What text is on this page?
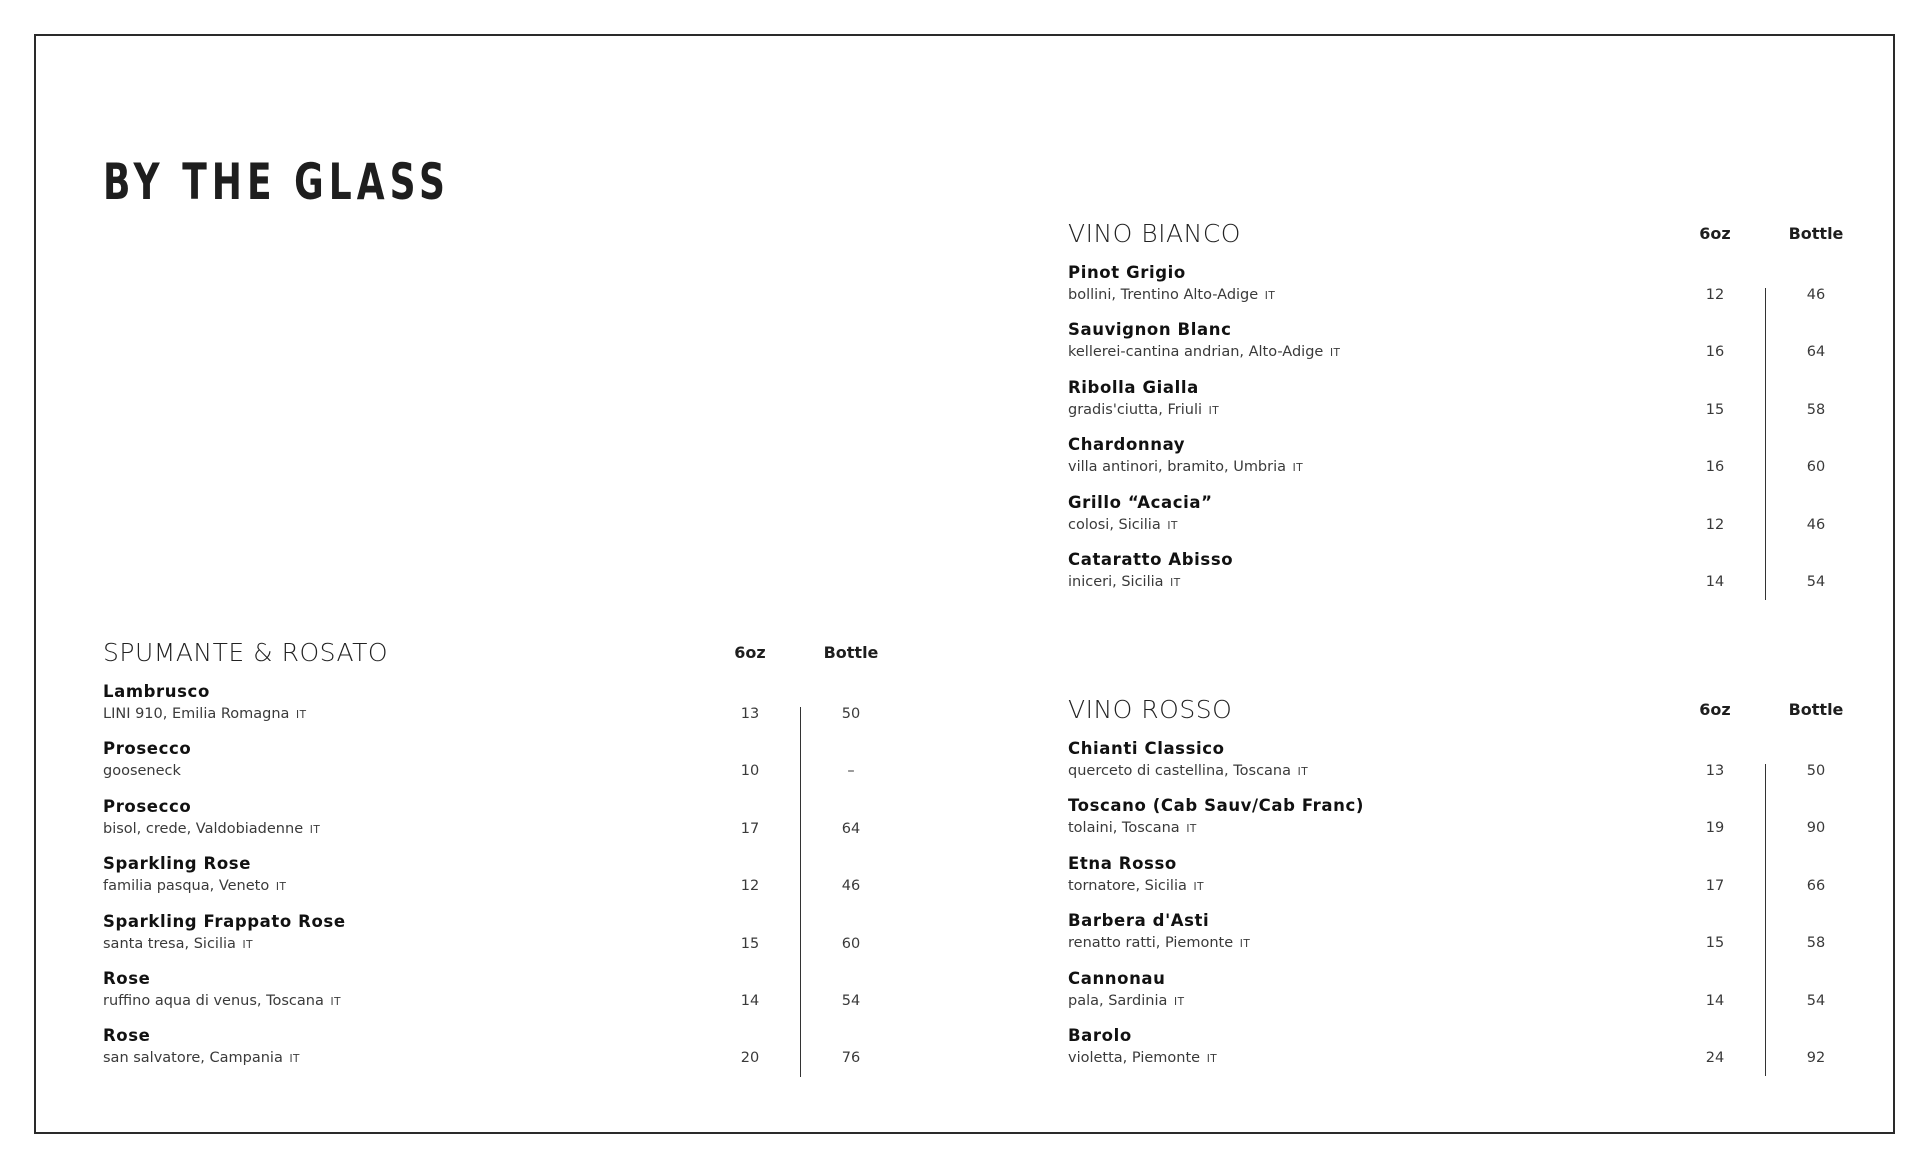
BY THE GLASS
SPUMANTE & ROSATO	6oz	Bottle
Lambrusco
LINI 910, Emilia Romagna IT	13	50
Prosecco
gooseneck	10	–
Prosecco
bisol, crede, Valdobiadenne IT	17	64
Sparkling Rose
familia pasqua, Veneto IT	12	46
Sparkling Frappato Rose
santa tresa, Sicilia IT	15	60
Rose
ruffino aqua di venus, Toscana IT	14	54
Rose
san salvatore, Campania IT	20	76
VINO BIANCO	6oz	Bottle
Pinot Grigio
bollini, Trentino Alto-Adige IT	12	46
Sauvignon Blanc
kellerei-cantina andrian, Alto-Adige IT	16	64
Ribolla Gialla
gradis'ciutta, Friuli IT	15	58
Chardonnay
villa antinori, bramito, Umbria IT	16	60
Grillo “Acacia”
colosi, Sicilia IT	12	46
Cataratto Abisso
iniceri, Sicilia IT	14	54
VINO ROSSO	6oz	Bottle
Chianti Classico
querceto di castellina, Toscana IT	13	50
Toscano (Cab Sauv/Cab Franc)
tolaini, Toscana IT	19	90
Etna Rosso
tornatore, Sicilia IT	17	66
Barbera d'Asti
renatto ratti, Piemonte IT	15	58
Cannonau
pala, Sardinia IT	14	54
Barolo
violetta, Piemonte IT	24	92
